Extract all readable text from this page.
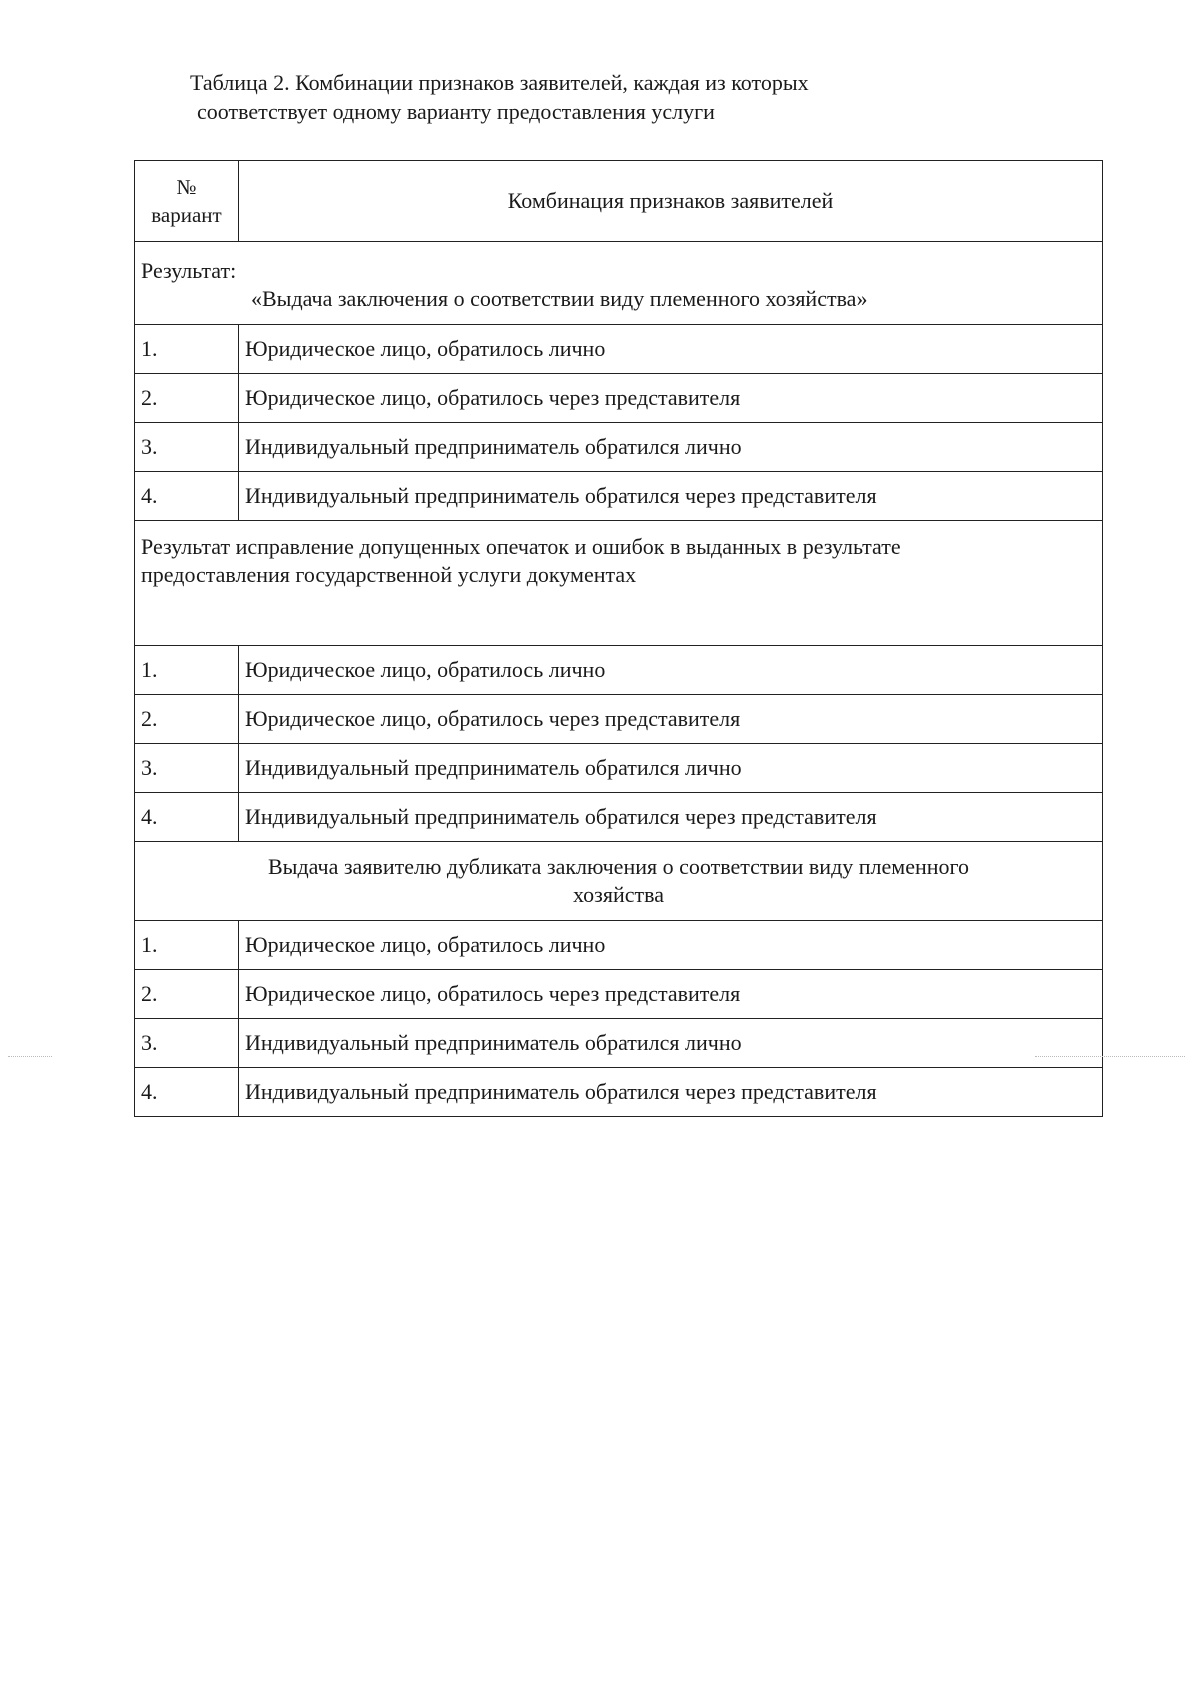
Таблица 2. Комбинации признаков заявителей, каждая из которых
соответствует одному варианту предоставления услуги
№
вариант	Комбинация признаков заявителей

Результат:
«Выдача заключения о соответствии виду племенного хозяйства»	

1.	Юридическое лицо, обратилось лично
2.	Юридическое лицо, обратилось через представителя
3.	Индивидуальный предприниматель обратился лично
4.	Индивидуальный предприниматель обратился через представителя
Результат исправление допущенных опечаток и ошибок в выданных в результате
предоставления государственной услуги документах	
1.	Юридическое лицо, обратилось лично
2.	Юридическое лицо, обратилось через представителя
3.	Индивидуальный предприниматель обратился лично
4.	Индивидуальный предприниматель обратился через представителя
Выдача заявителю дубликата заключения о соответствии виду племенного
хозяйства	
1.	Юридическое лицо, обратилось лично
2.	Юридическое лицо, обратилось через представителя
3.	Индивидуальный предприниматель обратился лично
4.	Индивидуальный предприниматель обратился через представителя
